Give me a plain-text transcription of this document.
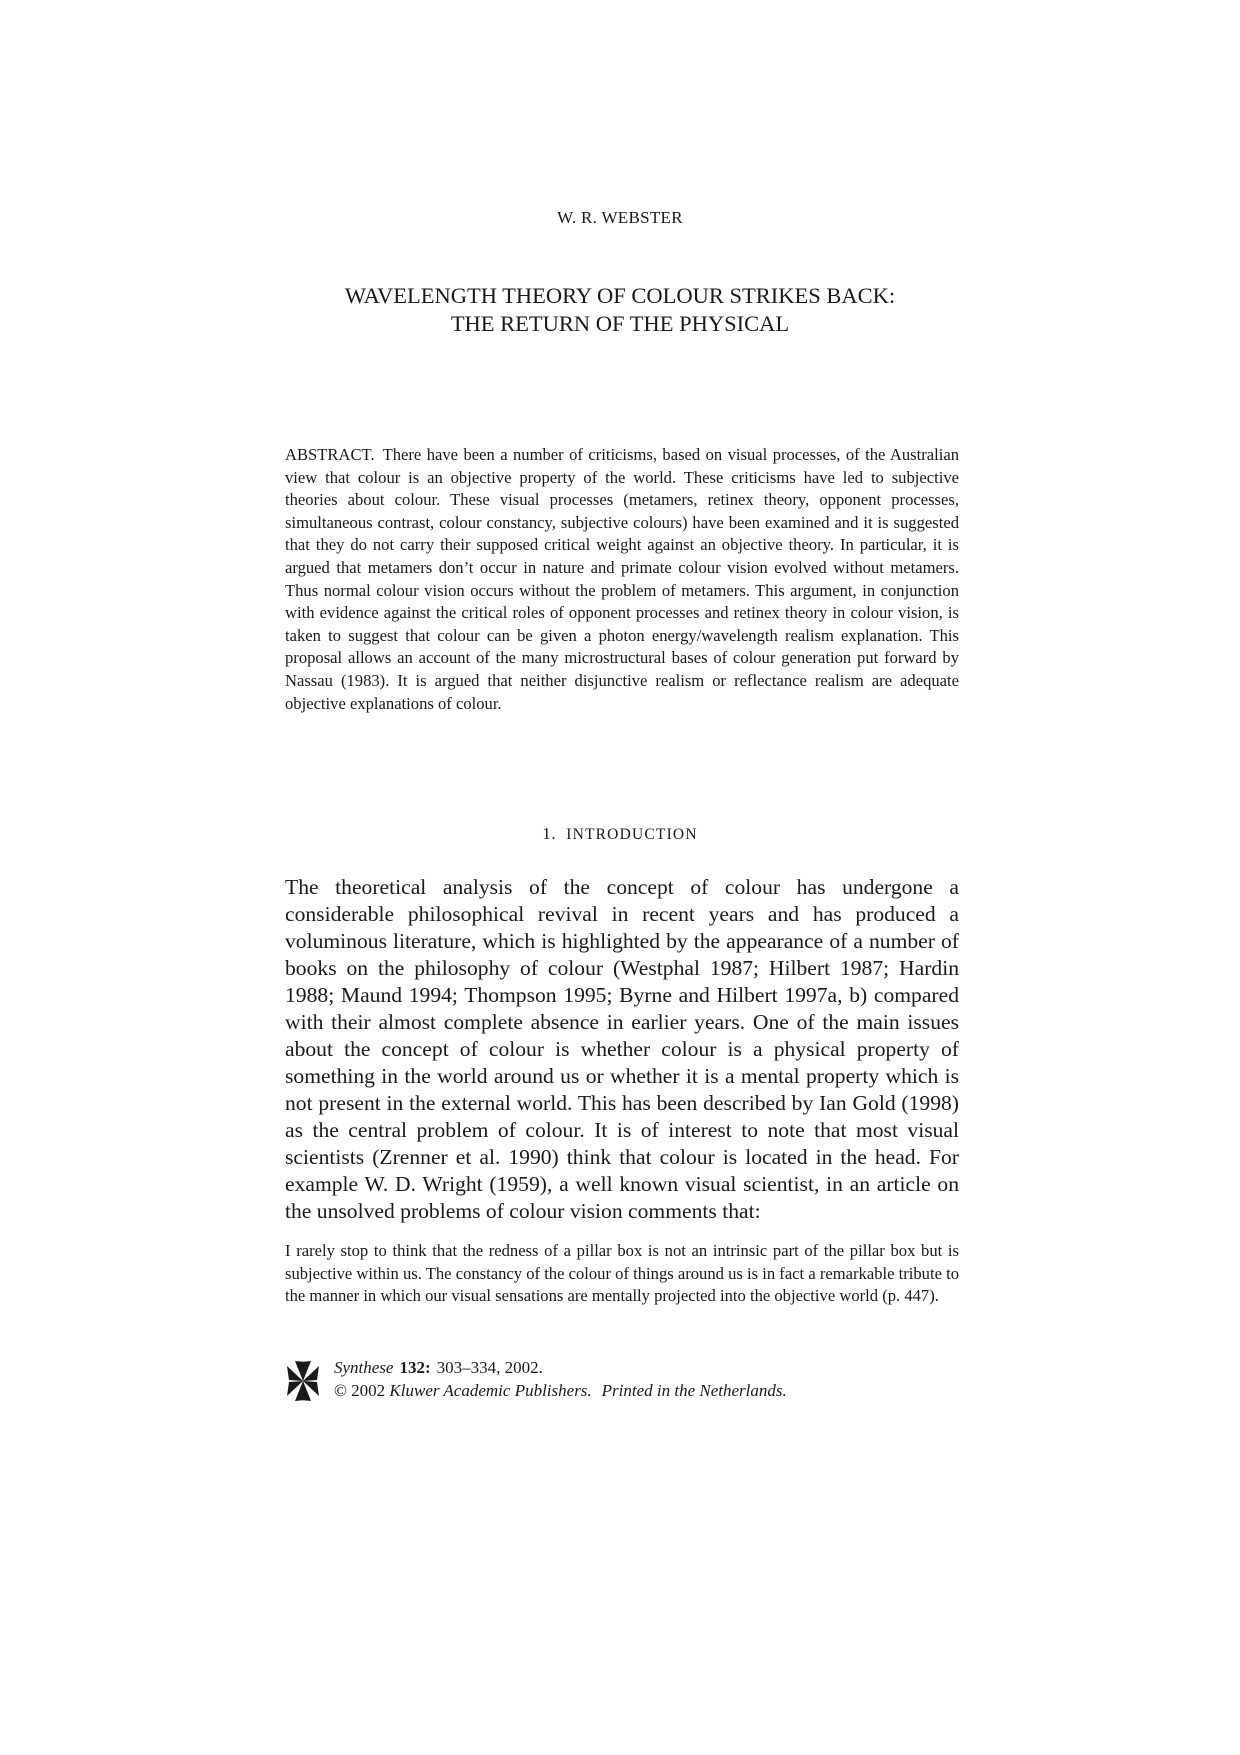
W. R. WEBSTER
WAVELENGTH THEORY OF COLOUR STRIKES BACK:
THE RETURN OF THE PHYSICAL
ABSTRACT. There have been a number of criticisms, based on visual processes, of the Australian view that colour is an objective property of the world. These criticisms have led to subjective theories about colour. These visual processes (metamers, retinex theory, opponent processes, simultaneous contrast, colour constancy, subjective colours) have been examined and it is suggested that they do not carry their supposed critical weight against an objective theory. In particular, it is argued that metamers don’t occur in nature and primate colour vision evolved without metamers. Thus normal colour vision occurs without the problem of metamers. This argument, in conjunction with evidence against the critical roles of opponent processes and retinex theory in colour vision, is taken to suggest that colour can be given a photon energy/wavelength realism explanation. This proposal allows an account of the many microstructural bases of colour generation put forward by Nassau (1983). It is argued that neither disjunctive realism or reflectance realism are adequate objective explanations of colour.
1. INTRODUCTION
The theoretical analysis of the concept of colour has undergone a considerable philosophical revival in recent years and has produced a voluminous literature, which is highlighted by the appearance of a number of books on the philosophy of colour (Westphal 1987; Hilbert 1987; Hardin 1988; Maund 1994; Thompson 1995; Byrne and Hilbert 1997a, b) compared with their almost complete absence in earlier years. One of the main issues about the concept of colour is whether colour is a physical property of something in the world around us or whether it is a mental property which is not present in the external world. This has been described by Ian Gold (1998) as the central problem of colour. It is of interest to note that most visual scientists (Zrenner et al. 1990) think that colour is located in the head. For example W. D. Wright (1959), a well known visual scientist, in an article on the unsolved problems of colour vision comments that:
I rarely stop to think that the redness of a pillar box is not an intrinsic part of the pillar box but is subjective within us. The constancy of the colour of things around us is in fact a remarkable tribute to the manner in which our visual sensations are mentally projected into the objective world (p. 447).
Synthese 132: 303–334, 2002.
© 2002 Kluwer Academic Publishers. Printed in the Netherlands.
